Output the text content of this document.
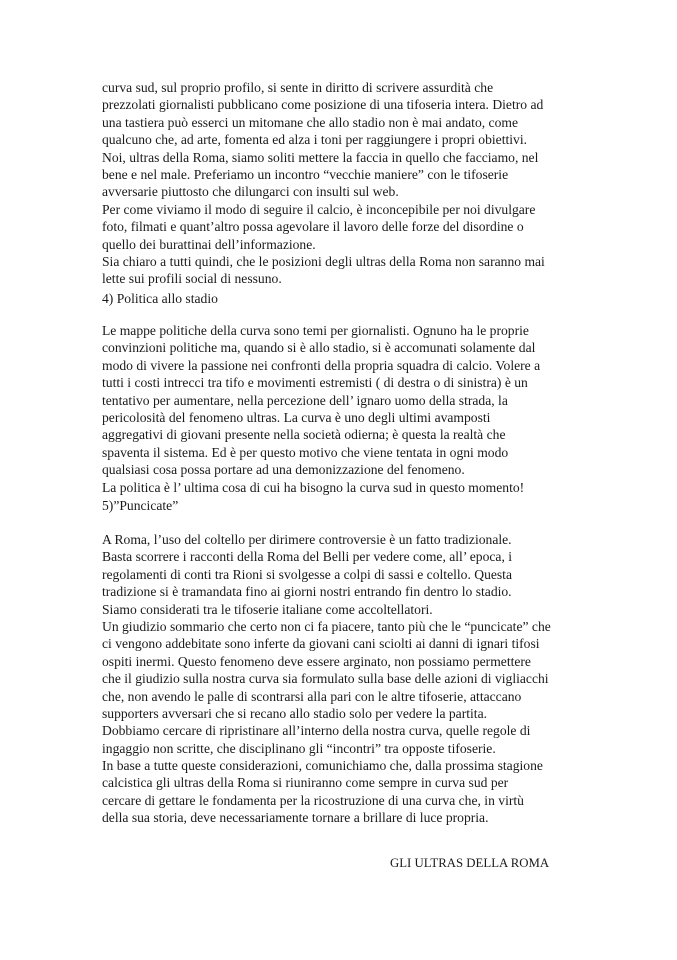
curva sud, sul proprio profilo, si sente in diritto di scrivere assurdità che
prezzolati giornalisti pubblicano come posizione di una tifoseria intera. Dietro ad
una tastiera può esserci un mitomane che allo stadio non è mai andato, come
qualcuno che, ad arte, fomenta ed alza i toni per raggiungere i propri obiettivi.
Noi, ultras della Roma, siamo soliti mettere la faccia in quello che facciamo, nel
bene e nel male. Preferiamo un incontro “vecchie maniere” con le tifoserie
avversarie piuttosto che dilungarci con insulti sul web.
Per come viviamo il modo di seguire il calcio, è inconcepibile per noi divulgare
foto, filmati e quant’altro possa agevolare il lavoro delle forze del disordine o
quello dei burattinai dell’informazione.
Sia chiaro a tutti quindi, che le posizioni degli ultras della Roma non saranno mai
lette sui profili social di nessuno.
4) Politica allo stadio
Le mappe politiche della curva sono temi per giornalisti. Ognuno ha le proprie
convinzioni politiche ma, quando si è allo stadio, si è accomunati solamente dal
modo di vivere la passione nei confronti della propria squadra di calcio. Volere a
tutti i costi intrecci tra tifo e movimenti estremisti ( di destra o di sinistra) è un
tentativo per aumentare, nella percezione dell’ ignaro uomo della strada, la
pericolosità del fenomeno ultras. La curva è uno degli ultimi avamposti
aggregativi di giovani presente nella società odierna; è questa la realtà che
spaventa il sistema. Ed è per questo motivo che viene tentata in ogni modo
qualsiasi cosa possa portare ad una demonizzazione del fenomeno.
La politica è l’ ultima cosa di cui ha bisogno la curva sud in questo momento!
5)”Puncicate”
A Roma, l’uso del coltello per dirimere controversie è un fatto tradizionale.
Basta scorrere i racconti della Roma del Belli per vedere come, all’ epoca, i
regolamenti di conti tra Rioni si svolgesse a colpi di sassi e coltello. Questa
tradizione si è tramandata fino ai giorni nostri entrando fin dentro lo stadio.
Siamo considerati tra le tifoserie italiane come accoltellatori.
Un giudizio sommario che certo non ci fa piacere, tanto più che le “puncicate” che
ci vengono addebitate sono inferte da giovani cani sciolti ai danni di ignari tifosi
ospiti inermi. Questo fenomeno deve essere arginato, non possiamo permettere
che il giudizio sulla nostra curva sia formulato sulla base delle azioni di vigliacchi
che, non avendo le palle di scontrarsi alla pari con le altre tifoserie, attaccano
supporters avversari che si recano allo stadio solo per vedere la partita.
Dobbiamo cercare di ripristinare all’interno della nostra curva, quelle regole di
ingaggio non scritte, che disciplinano gli “incontri” tra opposte tifoserie.
In base a tutte queste considerazioni, comunichiamo che, dalla prossima stagione
calcistica gli ultras della Roma si riuniranno come sempre in curva sud per
cercare di gettare le fondamenta per la ricostruzione di una curva che, in virtù
della sua storia, deve necessariamente tornare a brillare di luce propria.
GLI ULTRAS DELLA ROMA
